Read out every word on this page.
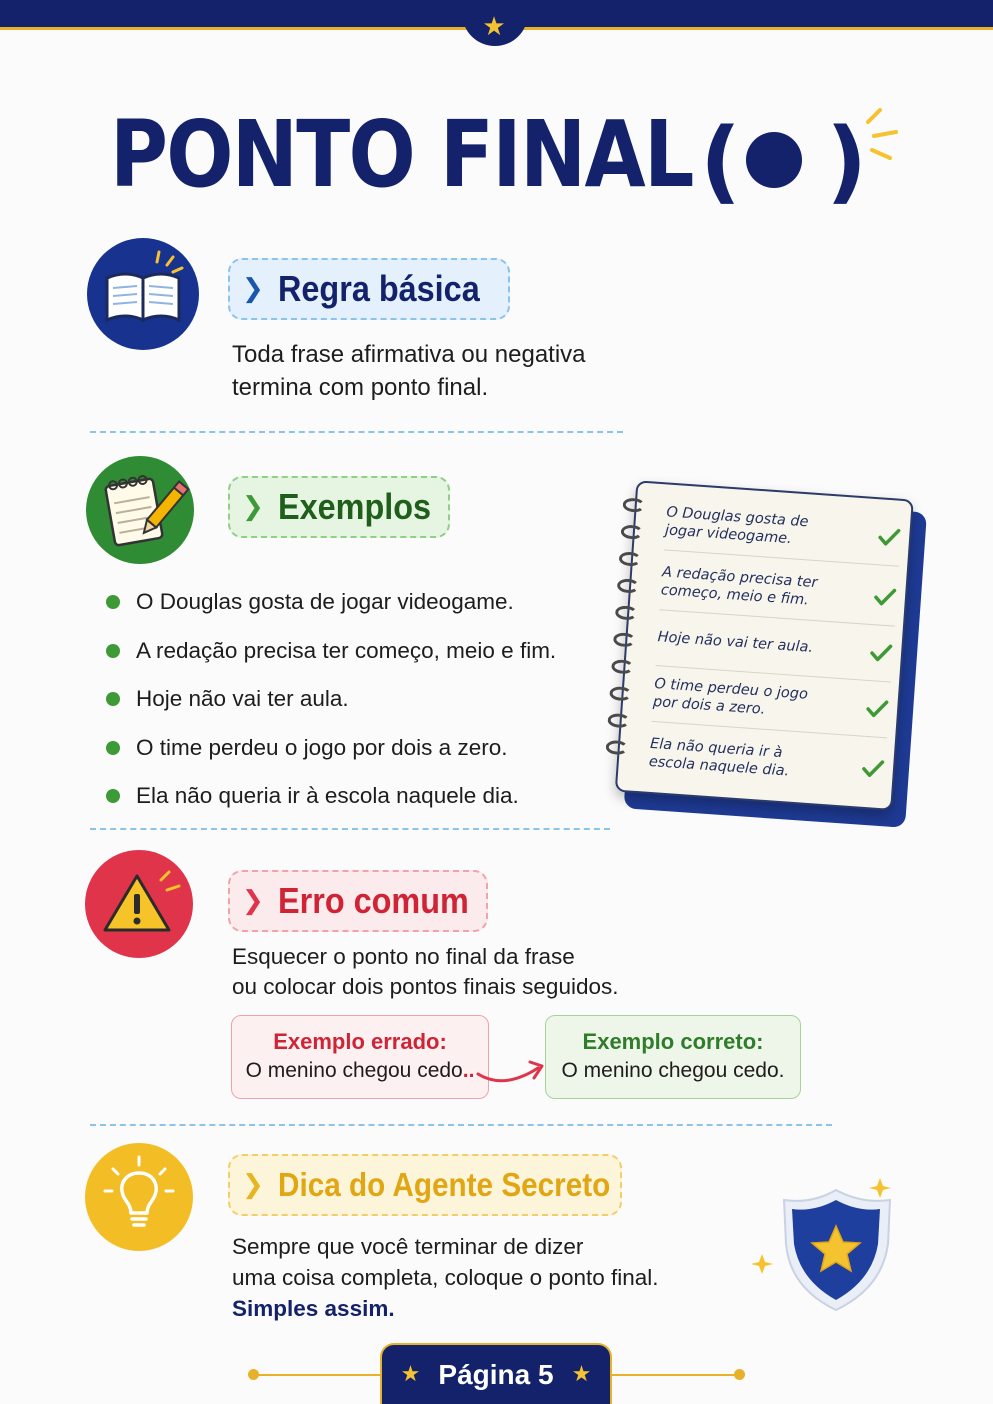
★
PONTO FINAL ( )
❯ Regra básica
Toda frase afirmativa ou negativa
termina com ponto final.
❯ Exemplos
O Douglas gosta de jogar videogame.
A redação precisa ter começo, meio e fim.
Hoje não vai ter aula.
O time perdeu o jogo por dois a zero.
Ela não queria ir à escola naquele dia.
O Douglas gosta de jogar videogame.
A redação precisa ter começo, meio e fim.
Hoje não vai ter aula.
O time perdeu o jogo por dois a zero.
Ela não queria ir à escola naquele dia.
❯ Erro comum
Esquecer o ponto no final da frase
ou colocar dois pontos finais seguidos.
Exemplo errado:
O menino chegou cedo..
Exemplo correto:
O menino chegou cedo.
❯ Dica do Agente Secreto
Sempre que você terminar de dizer
uma coisa completa, coloque o ponto final.
Simples assim.
★ Página 5 ★
